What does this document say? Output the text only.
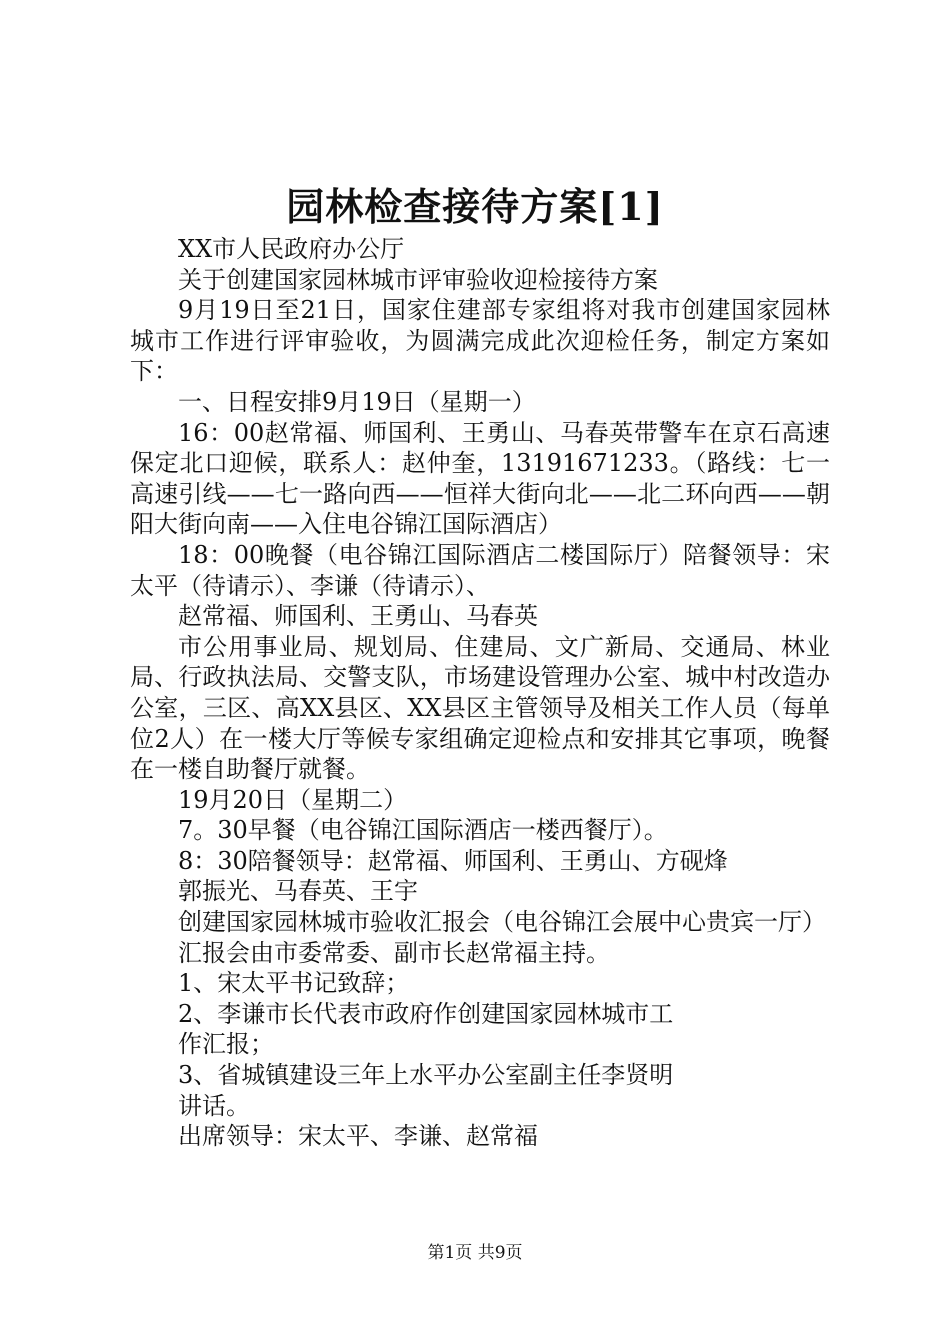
园林检查接待方案[1]

XX市人民政府办公厅

关于创建国家园林城市评审验收迎检接待方案

9月19日至21日，国家住建部专家组将对我市创建国家园林城市工作进行评审验收，为圆满完成此次迎检任务，制定方案如下：

一、日程安排9月19日（星期一）

16：00赵常福、师国利、王勇山、马春英带警车在京石高速保定北口迎候，联系人：赵仲奎，13191671233。（路线：七一高速引线——七一路向西——恒祥大街向北——北二环向西——朝阳大街向南——入住电谷锦江国际酒店）

18：00晚餐（电谷锦江国际酒店二楼国际厅）陪餐领导：宋太平（待请示）、李谦（待请示）、

赵常福、师国利、王勇山、马春英

市公用事业局、规划局、住建局、文广新局、交通局、林业局、行政执法局、交警支队，市场建设管理办公室、城中村改造办公室，三区、高XX县区、XX县区主管领导及相关工作人员（每单位2人）在一楼大厅等候专家组确定迎检点和安排其它事项，晚餐在一楼自助餐厅就餐。

19月20日（星期二）

7。30早餐（电谷锦江国际酒店一楼西餐厅）。

8：30陪餐领导：赵常福、师国利、王勇山、方砚烽

郭振光、马春英、王宇

创建国家园林城市验收汇报会（电谷锦江会展中心贵宾一厅）

汇报会由市委常委、副市长赵常福主持。

1、宋太平书记致辞；

2、李谦市长代表市政府作创建国家园林城市工

作汇报；

3、省城镇建设三年上水平办公室副主任李贤明

讲话。

出席领导：宋太平、李谦、赵常福

第1页 共9页
